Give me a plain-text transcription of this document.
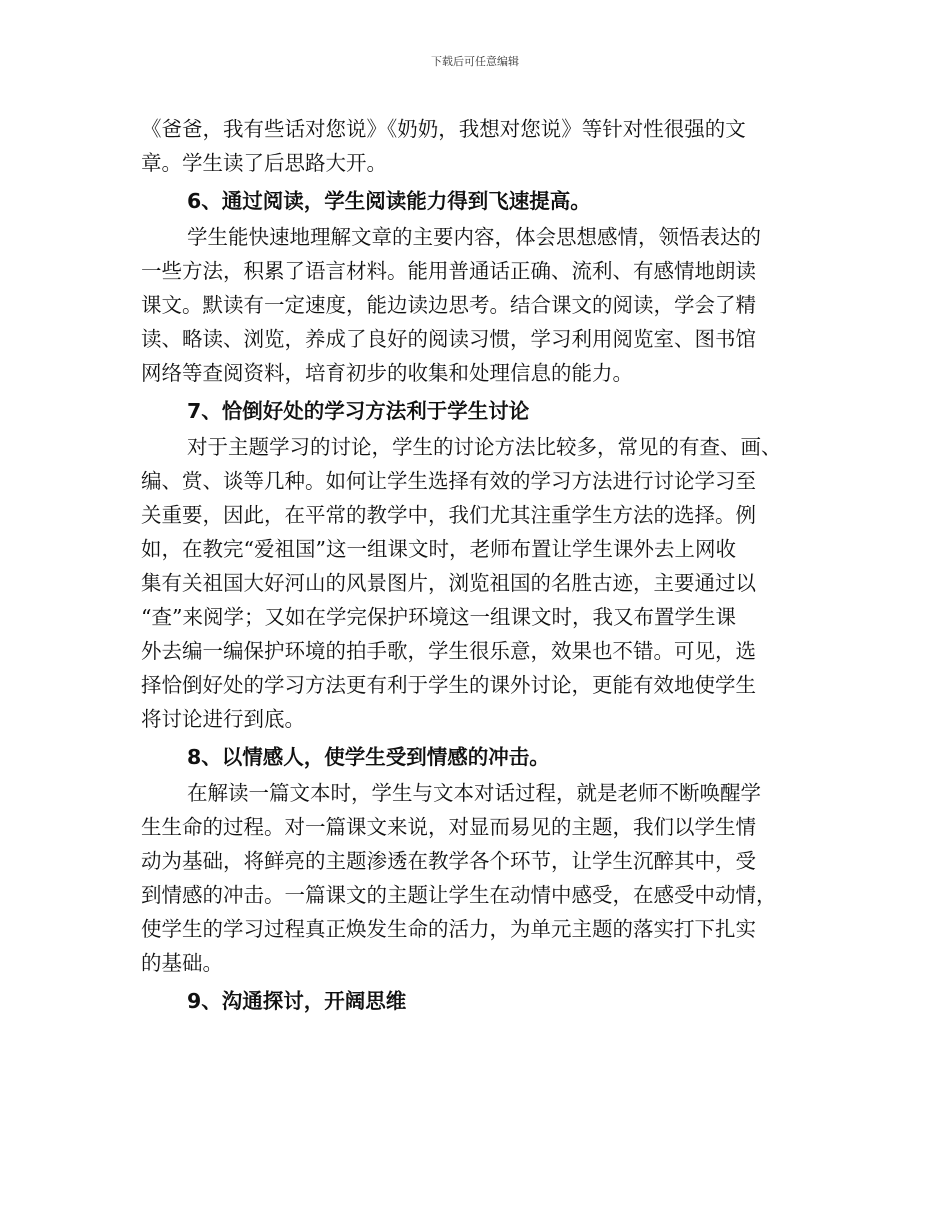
下载后可任意编辑

《爸爸，我有些话对您说》《奶奶，我想对您说》等针对性很强的文

章。学生读了后思路大开。

6、通过阅读，学生阅读能力得到飞速提高。

学生能快速地理解文章的主要内容，体会思想感情，领悟表达的

一些方法，积累了语言材料。能用普通话正确、流利、有感情地朗读

课文。默读有一定速度，能边读边思考。结合课文的阅读，学会了精

读、略读、浏览，养成了良好的阅读习惯，学习利用阅览室、图书馆

网络等查阅资料，培育初步的收集和处理信息的能力。

7、恰倒好处的学习方法利于学生讨论

对于主题学习的讨论，学生的讨论方法比较多，常见的有查、画、

编、赏、谈等几种。如何让学生选择有效的学习方法进行讨论学习至

关重要，因此，在平常的教学中，我们尤其注重学生方法的选择。例

如，在教完“爱祖国”这一组课文时，老师布置让学生课外去上网收

集有关祖国大好河山的风景图片，浏览祖国的名胜古迹，主要通过以

“查”来阅学；又如在学完保护环境这一组课文时，我又布置学生课

外去编一编保护环境的拍手歌，学生很乐意，效果也不错。可见，选

择恰倒好处的学习方法更有利于学生的课外讨论，更能有效地使学生

将讨论进行到底。

8、以情感人，使学生受到情感的冲击。

在解读一篇文本时，学生与文本对话过程，就是老师不断唤醒学

生生命的过程。对一篇课文来说，对显而易见的主题，我们以学生情

动为基础，将鲜亮的主题渗透在教学各个环节，让学生沉醉其中，受

到情感的冲击。一篇课文的主题让学生在动情中感受，在感受中动情，

使学生的学习过程真正焕发生命的活力，为单元主题的落实打下扎实

的基础。

9、沟通探讨，开阔思维
